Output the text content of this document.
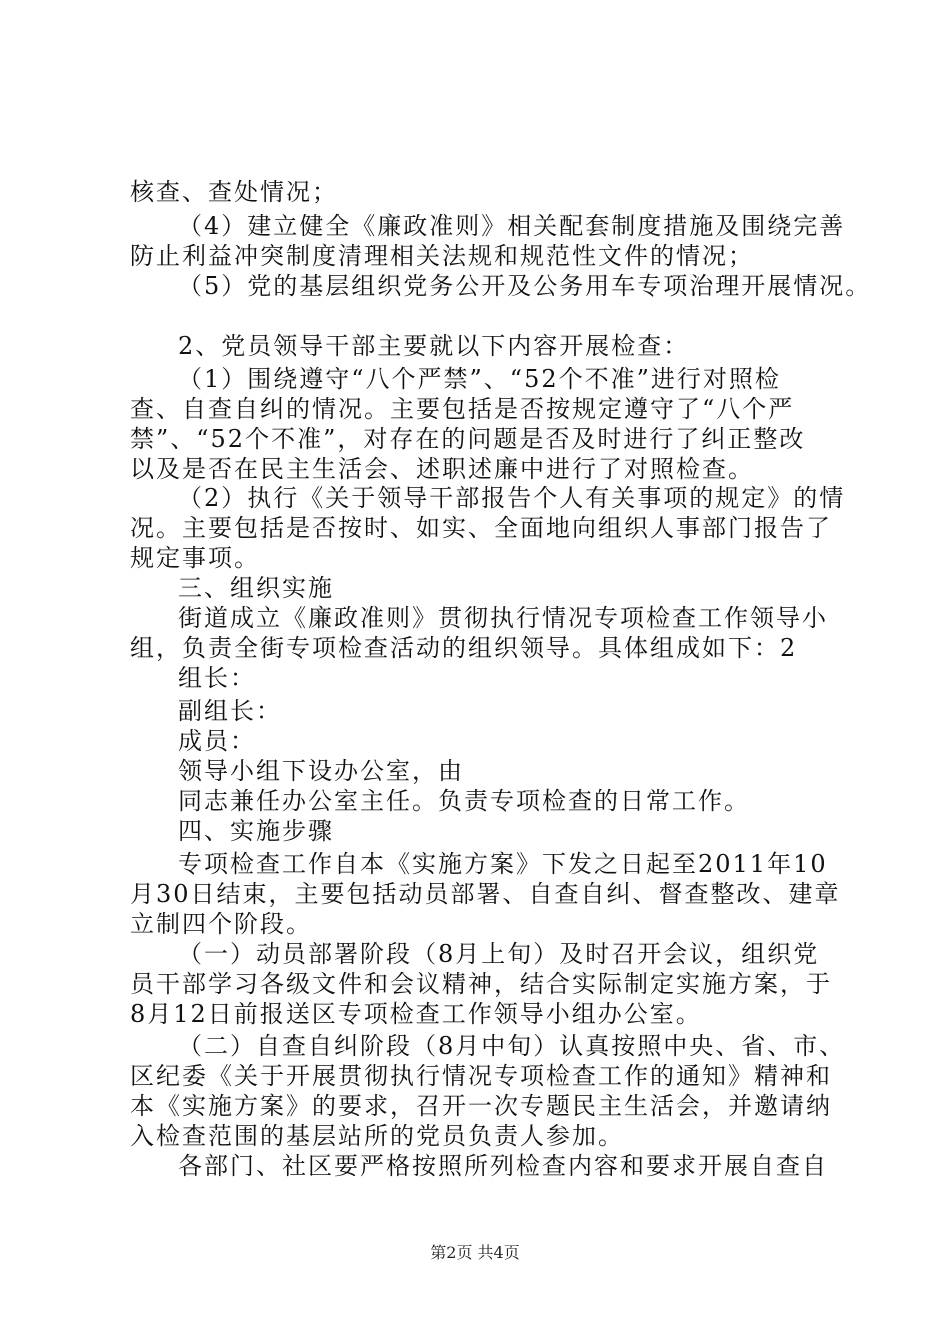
核查、查处情况；
（4）建立健全《廉政准则》相关配套制度措施及围绕完善
防止利益冲突制度清理相关法规和规范性文件的情况；
（5）党的基层组织党务公开及公务用车专项治理开展情况。
2、党员领导干部主要就以下内容开展检查：
（1）围绕遵守“八个严禁”、“52个不准”进行对照检
查、自查自纠的情况。主要包括是否按规定遵守了“八个严
禁”、“52个不准”，对存在的问题是否及时进行了纠正整改
以及是否在民主生活会、述职述廉中进行了对照检查。
（2）执行《关于领导干部报告个人有关事项的规定》的情
况。主要包括是否按时、如实、全面地向组织人事部门报告了
规定事项。
三、组织实施
街道成立《廉政准则》贯彻执行情况专项检查工作领导小
组，负责全街专项检查活动的组织领导。具体组成如下：2
组长：
副组长：
成员：
领导小组下设办公室，由
同志兼任办公室主任。负责专项检查的日常工作。
四、实施步骤
专项检查工作自本《实施方案》下发之日起至2011年10
月30日结束，主要包括动员部署、自查自纠、督查整改、建章
立制四个阶段。
（一）动员部署阶段（8月上旬）及时召开会议，组织党
员干部学习各级文件和会议精神，结合实际制定实施方案，于
8月12日前报送区专项检查工作领导小组办公室。
（二）自查自纠阶段（8月中旬）认真按照中央、省、市、
区纪委《关于开展贯彻执行情况专项检查工作的通知》精神和
本《实施方案》的要求，召开一次专题民主生活会，并邀请纳
入检查范围的基层站所的党员负责人参加。
各部门、社区要严格按照所列检查内容和要求开展自查自
第2页 共4页
